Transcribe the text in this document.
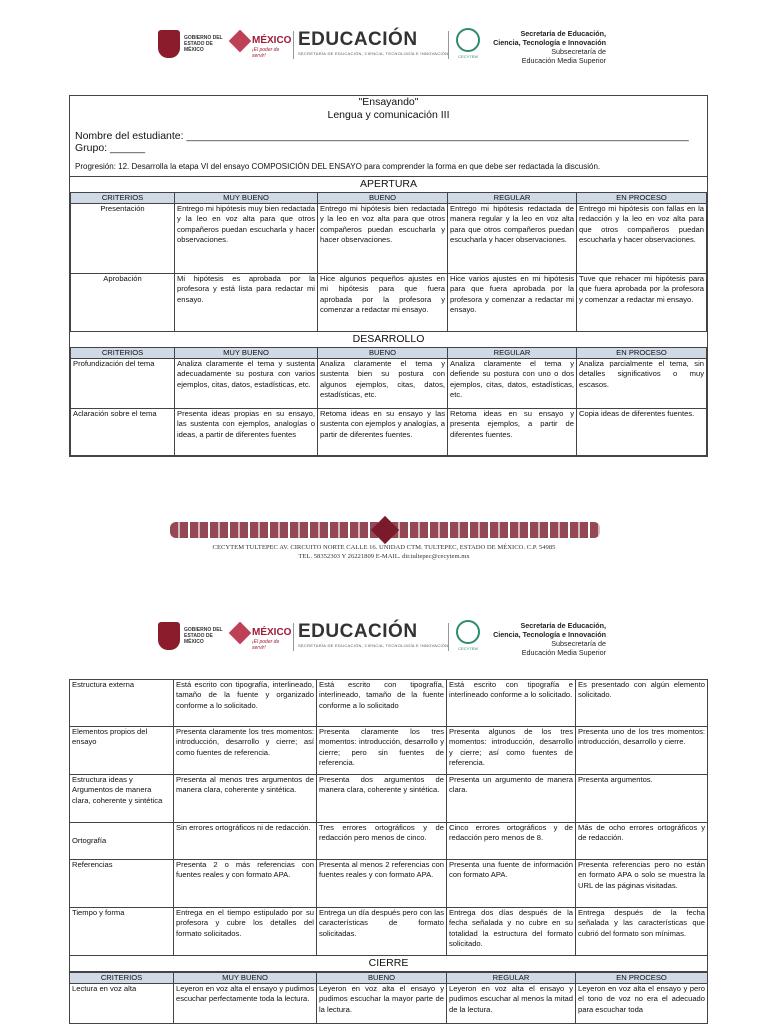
GOBIERNO DEL
ESTADO DE
MÉXICO
MÉXICO
¡El poder de servir!
EDUCACIÓN
SECRETARÍA DE EDUCACIÓN, CIENCIA, TECNOLOGÍA E INNOVACIÓN
CECYTEM
Secretaría de Educación,
Ciencia, Tecnología e Innovación
Subsecretaría de
Educación Media Superior
"Ensayando"
Lengua y comunicación III
Nombre del estudiante: ______________________________________________________________________________________
Grupo: ______
Progresión: 12. Desarrolla la etapa VI del ensayo COMPOSICIÓN DEL ENSAYO para comprender la forma en que debe ser redactada la discusión.
APERTURA
CRITERIOS	MUY BUENO	BUENO	REGULAR	EN PROCESO
Presentación	Entrego mi hipótesis muy bien redactada y la leo en voz alta para que otros compañeros puedan escucharla y hacer observaciones.	Entrego mi hipótesis bien redactada y la leo en voz alta para que otros compañeros puedan escucharla y hacer observaciones.	Entrego mi hipótesis redactada de manera regular y la leo en voz alta para que otros compañeros puedan escucharla y hacer observaciones.	Entrego mi hipótesis con fallas en la redacción y la leo en voz alta para que otros compañeros puedan escucharla y hacer observaciones.
Aprobación	Mi hipótesis es aprobada por la profesora y está lista para redactar mi ensayo.	Hice algunos pequeños ajustes en mi hipótesis para que fuera aprobada por la profesora y comenzar a redactar mi ensayo.	Hice varios ajustes en mi hipótesis para que fuera aprobada por la profesora y comenzar a redactar mi ensayo.	Tuve que rehacer mi hipótesis para que fuera aprobada por la profesora y comenzar a redactar mi ensayo.
DESARROLLO
CRITERIOS	MUY BUENO	BUENO	REGULAR	EN PROCESO
Profundización del tema	Analiza claramente el tema y sustenta adecuadamente su postura con varios ejemplos, citas, datos, estadísticas, etc.	Analiza claramente el tema y sustenta bien su postura con algunos ejemplos, citas, datos, estadísticas, etc.	Analiza claramente el tema y defiende su postura con uno o dos ejemplos, citas, datos, estadísticas, etc.	Analiza parcialmente el tema, sin detalles significativos o muy escasos.
Aclaración sobre el tema	Presenta ideas propias en su ensayo, las sustenta con ejemplos, analogías o ideas, a partir de diferentes fuentes	Retoma ideas en su ensayo y las sustenta con ejemplos y analogías, a partir de diferentes fuentes.	Retoma ideas en su ensayo y presenta ejemplos, a partir de diferentes fuentes.	Copia ideas de diferentes fuentes.
CECYTEM TULTEPEC AV. CIRCUITO NORTE CALLE 16. UNIDAD CTM. TULTEPEC, ESTADO DE MÉXICO. C.P. 54985
TEL. 58352303 Y 26221809 E-MAIL. dir.tultepec@cecytem.mx
GOBIERNO DEL
ESTADO DE
MÉXICO
MÉXICO
¡El poder de servir!
EDUCACIÓN
SECRETARÍA DE EDUCACIÓN, CIENCIA, TECNOLOGÍA E INNOVACIÓN
CECYTEM
Secretaría de Educación,
Ciencia, Tecnología e Innovación
Subsecretaría de
Educación Media Superior
Estructura externa	Está escrito con tipografía, interlineado, tamaño de la fuente y organizado conforme a lo solicitado.	Está escrito con tipografía, interlineado, tamaño de la fuente conforme a lo solicitado	Está escrito con tipografía e interlineado conforme a lo solicitado.	Es presentado con algún elemento solicitado.
Elementos propios del ensayo	Presenta claramente los tres momentos: introducción, desarrollo y cierre; así como fuentes de referencia.	Presenta claramente los tres momentos: introducción, desarrollo y cierre; pero sin fuentes de referencia.	Presenta algunos de los tres momentos: introducción, desarrollo y cierre; así como fuentes de referencia.	Presenta uno de los tres momentos: introducción, desarrollo y cierre.
Estructura ideas y Argumentos de manera clara, coherente y sintética	Presenta al menos tres argumentos de manera clara, coherente y sintética.	Presenta dos argumentos de manera clara, coherente y sintética.	Presenta un argumento de manera clara.	Presenta argumentos.
Ortografía	Sin errores ortográficos ni de redacción.	Tres errores ortográficos y de redacción pero menos de cinco.	Cinco errores ortográficos y de redacción pero menos de 8.	Más de ocho errores ortográficos y de redacción.
Referencias	Presenta 2 o más referencias con fuentes reales y con formato APA.	Presenta al menos 2 referencias con fuentes reales y con formato APA.	Presenta una fuente de información con formato APA.	Presenta referencias pero no están en formato APA o solo se muestra la URL de las páginas visitadas.
Tiempo y forma	Entrega en el tiempo estipulado por su profesora y cubre los detalles del formato solicitados.	Entrega un día después pero con las características de formato solicitadas.	Entrega dos días después de la fecha señalada y no cubre en su totalidad la estructura del formato solicitado.	Entrega después de la fecha señalada y las características que cubrió del formato son mínimas.
CIERRE
CRITERIOS	MUY BUENO	BUENO	REGULAR	EN PROCESO
Lectura en voz alta	Leyeron en voz alta el ensayo y pudimos escuchar perfectamente toda la lectura.	Leyeron en voz alta el ensayo y pudimos escuchar la mayor parte de la lectura.	Leyeron en voz alta el ensayo y pudimos escuchar al menos la mitad de la lectura.	Leyeron en voz alta el ensayo y pero el tono de voz no era el adecuado para escuchar toda
